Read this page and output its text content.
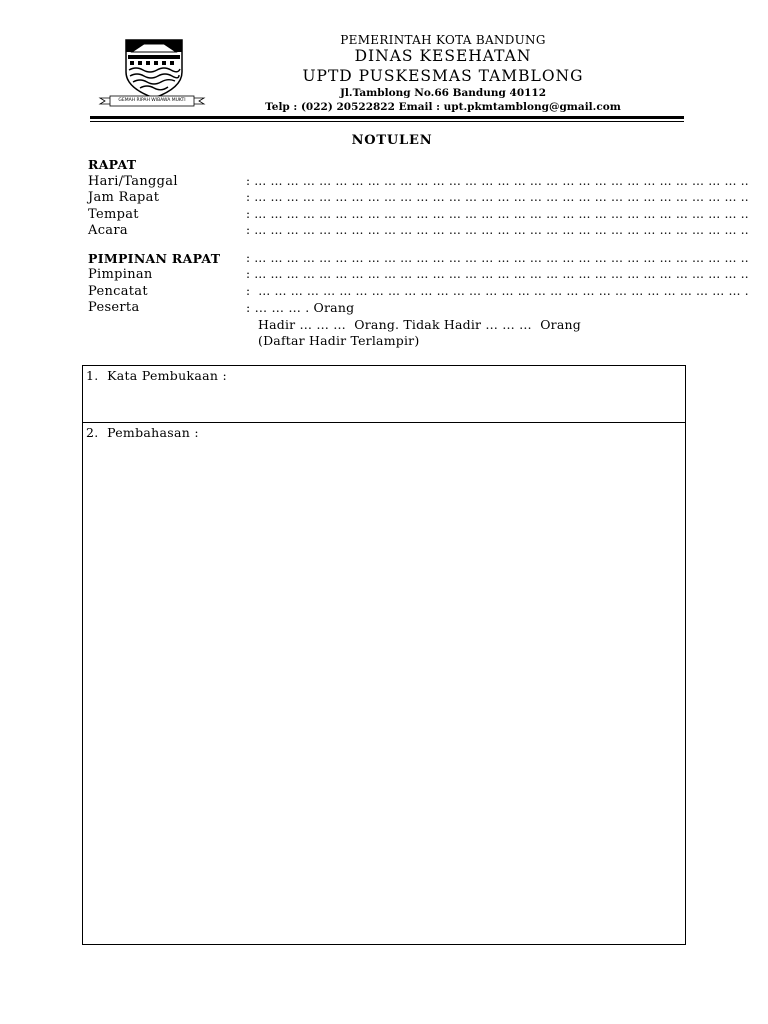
GEMAH RIPAH WIBAWA MUKTI
PEMERINTAH KOTA BANDUNG
DINAS KESEHATAN
UPTD PUSKESMAS TAMBLONG
Jl.Tamblong No.66 Bandung 40112
Telp : (022) 20522822 Email : upt.pkmtamblong@gmail.com
NOTULEN
RAPAT
Hari/Tanggal	: … … … … … … … … … … … … … … … … … … … … … … … … … … … … … … ..
Jam Rapat	: … … … … … … … … … … … … … … … … … … … … … … … … … … … … … … ..
Tempat	: … … … … … … … … … … … … … … … … … … … … … … … … … … … … … … ..
Acara	: … … … … … … … … … … … … … … … … … … … … … … … … … … … … … … ..
PIMPINAN RAPAT : … … … … … … … … … … … … … … … … … … … … … … … … … … … … … … ..
Pimpinan	: … … … … … … … … … … … … … … … … … … … … … … … … … … … … … … ..
Pencatat	:  … … … … … … … … … … … … … … … … … … … … … … … … … … … … … … .
Peserta	: … … … . Orang
Hadir … … …  Orang. Tidak Hadir … … …  Orang
(Daftar Hadir Terlampir)
1.  Kata Pembukaan :
2.  Pembahasan :
